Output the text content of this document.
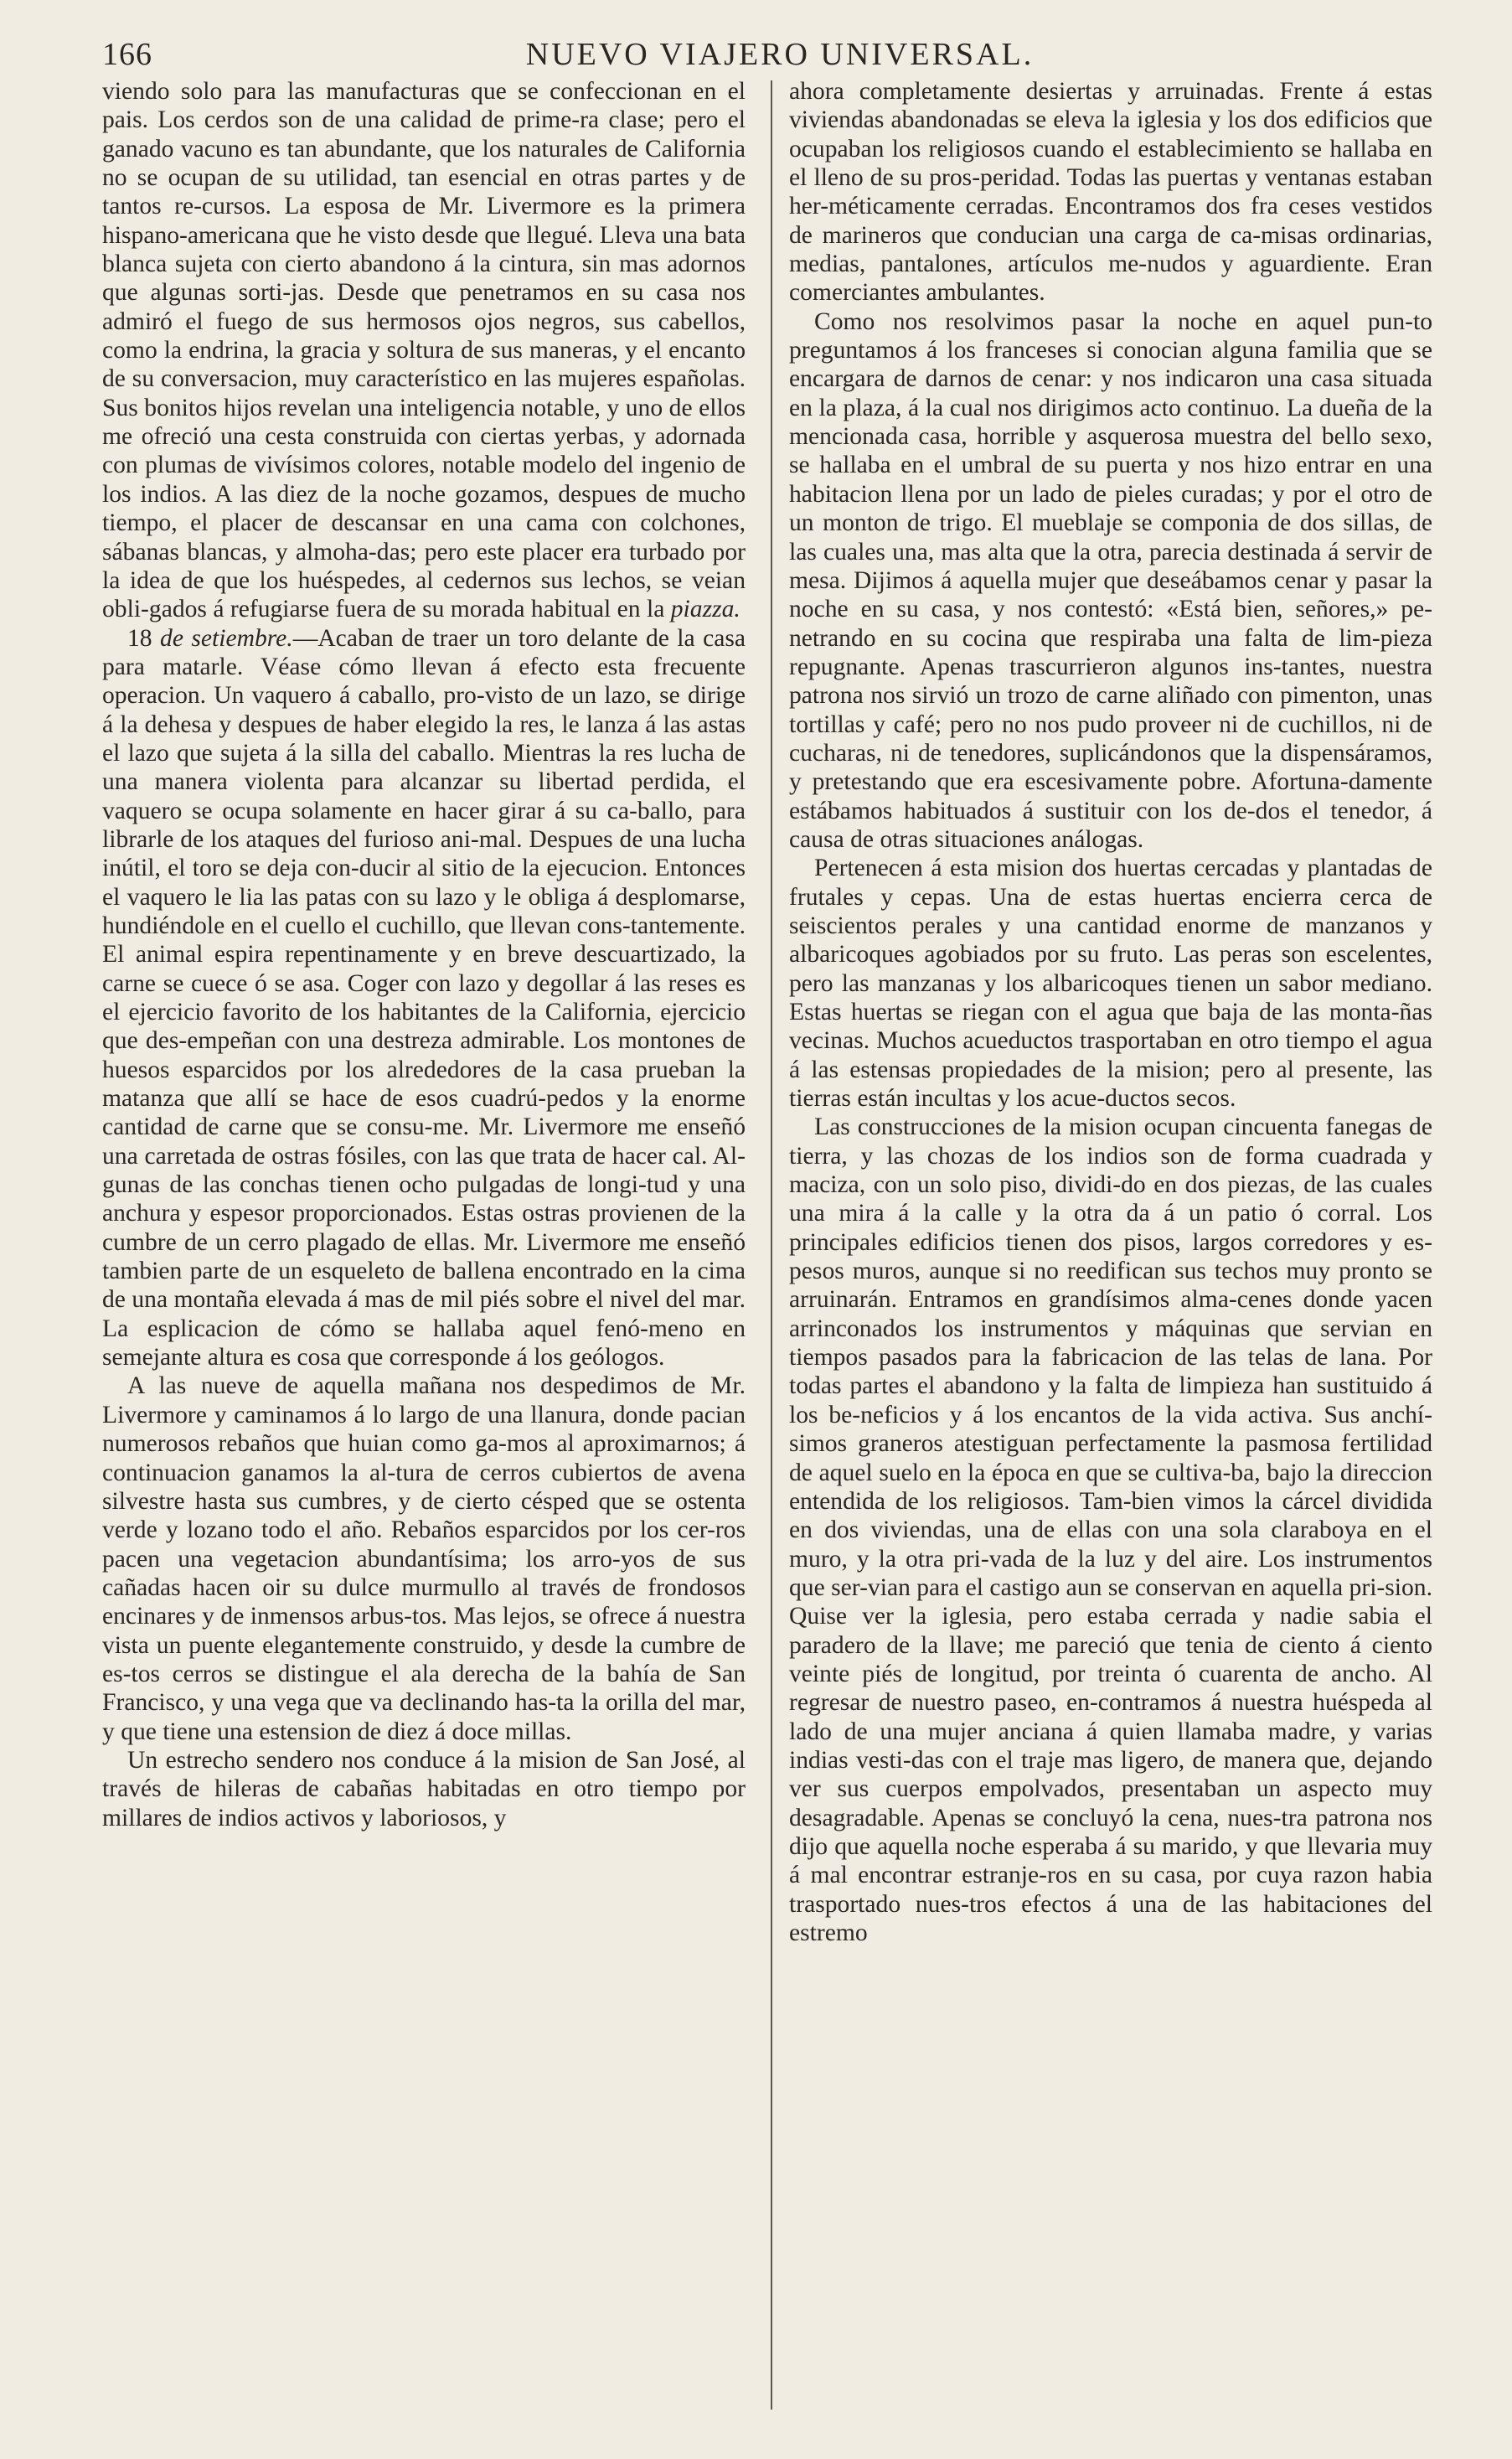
166	NUEVO VIAJERO UNIVERSAL.

viendo solo para las manufacturas que se confeccionan en el pais. Los cerdos son de una calidad de prime-ra clase; pero el ganado vacuno es tan abundante, que los naturales de California no se ocupan de su utilidad, tan esencial en otras partes y de tantos re-cursos. La esposa de Mr. Livermore es la primera hispano-americana que he visto desde que llegué. Lleva una bata blanca sujeta con cierto abandono á la cintura, sin mas adornos que algunas sorti-jas. Desde que penetramos en su casa nos admiró el fuego de sus hermosos ojos negros, sus cabellos, como la endrina, la gracia y soltura de sus maneras, y el encanto de su conversacion, muy característico en las mujeres españolas. Sus bonitos hijos revelan una inteligencia notable, y uno de ellos me ofreció una cesta construida con ciertas yerbas, y adornada con plumas de vivísimos colores, notable modelo del ingenio de los indios. A las diez de la noche gozamos, despues de mucho tiempo, el placer de descansar en una cama con colchones, sábanas blancas, y almoha-das; pero este placer era turbado por la idea de que los huéspedes, al cedernos sus lechos, se veian obli-gados á refugiarse fuera de su morada habitual en la piazza.

18 de setiembre.—Acaban de traer un toro delante de la casa para matarle. Véase cómo llevan á efecto esta frecuente operacion. Un vaquero á caballo, pro-visto de un lazo, se dirige á la dehesa y despues de haber elegido la res, le lanza á las astas el lazo que sujeta á la silla del caballo. Mientras la res lucha de una manera violenta para alcanzar su libertad perdida, el vaquero se ocupa solamente en hacer girar á su ca-ballo, para librarle de los ataques del furioso ani-mal. Despues de una lucha inútil, el toro se deja con-ducir al sitio de la ejecucion. Entonces el vaquero le lia las patas con su lazo y le obliga á desplomarse, hundiéndole en el cuello el cuchillo, que llevan cons-tantemente. El animal espira repentinamente y en breve descuartizado, la carne se cuece ó se asa. Coger con lazo y degollar á las reses es el ejercicio favorito de los habitantes de la California, ejercicio que des-empeñan con una destreza admirable. Los montones de huesos esparcidos por los alrededores de la casa prueban la matanza que allí se hace de esos cuadrú-pedos y la enorme cantidad de carne que se consu-me. Mr. Livermore me enseñó una carretada de ostras fósiles, con las que trata de hacer cal. Al-gunas de las conchas tienen ocho pulgadas de longi-tud y una anchura y espesor proporcionados. Estas ostras provienen de la cumbre de un cerro plagado de ellas. Mr. Livermore me enseñó tambien parte de un esqueleto de ballena encontrado en la cima de una montaña elevada á mas de mil piés sobre el nivel del mar. La esplicacion de cómo se hallaba aquel fenó-meno en semejante altura es cosa que corresponde á los geólogos.

A las nueve de aquella mañana nos despedimos de Mr. Livermore y caminamos á lo largo de una llanura, donde pacian numerosos rebaños que huian como ga-mos al aproximarnos; á continuacion ganamos la al-tura de cerros cubiertos de avena silvestre hasta sus cumbres, y de cierto césped que se ostenta verde y lozano todo el año. Rebaños esparcidos por los cer-ros pacen una vegetacion abundantísima; los arro-yos de sus cañadas hacen oir su dulce murmullo al través de frondosos encinares y de inmensos arbus-tos. Mas lejos, se ofrece á nuestra vista un puente elegantemente construido, y desde la cumbre de es-tos cerros se distingue el ala derecha de la bahía de San Francisco, y una vega que va declinando has-ta la orilla del mar, y que tiene una estension de diez á doce millas.

Un estrecho sendero nos conduce á la mision de San José, al través de hileras de cabañas habitadas en otro tiempo por millares de indios activos y laboriosos, y

ahora completamente desiertas y arruinadas. Frente á estas viviendas abandonadas se eleva la iglesia y los dos edificios que ocupaban los religiosos cuando el establecimiento se hallaba en el lleno de su pros-peridad. Todas las puertas y ventanas estaban her-méticamente cerradas. Encontramos dos fra ceses vestidos de marineros que conducian una carga de ca-misas ordinarias, medias, pantalones, artículos me-nudos y aguardiente. Eran comerciantes ambulantes.

Como nos resolvimos pasar la noche en aquel pun-to preguntamos á los franceses si conocian alguna familia que se encargara de darnos de cenar: y nos indicaron una casa situada en la plaza, á la cual nos dirigimos acto continuo. La dueña de la mencionada casa, horrible y asquerosa muestra del bello sexo, se hallaba en el umbral de su puerta y nos hizo entrar en una habitacion llena por un lado de pieles curadas; y por el otro de un monton de trigo. El mueblaje se componia de dos sillas, de las cuales una, mas alta que la otra, parecia destinada á servir de mesa. Dijimos á aquella mujer que deseábamos cenar y pasar la noche en su casa, y nos contestó: «Está bien, señores,» pe-netrando en su cocina que respiraba una falta de lim-pieza repugnante. Apenas trascurrieron algunos ins-tantes, nuestra patrona nos sirvió un trozo de carne aliñado con pimenton, unas tortillas y café; pero no nos pudo proveer ni de cuchillos, ni de cucharas, ni de tenedores, suplicándonos que la dispensáramos, y pretestando que era escesivamente pobre. Afortuna-damente estábamos habituados á sustituir con los de-dos el tenedor, á causa de otras situaciones análogas.

Pertenecen á esta mision dos huertas cercadas y plantadas de frutales y cepas. Una de estas huertas encierra cerca de seiscientos perales y una cantidad enorme de manzanos y albaricoques agobiados por su fruto. Las peras son escelentes, pero las manzanas y los albaricoques tienen un sabor mediano. Estas huertas se riegan con el agua que baja de las monta-ñas vecinas. Muchos acueductos trasportaban en otro tiempo el agua á las estensas propiedades de la mision; pero al presente, las tierras están incultas y los acue-ductos secos.

Las construcciones de la mision ocupan cincuenta fanegas de tierra, y las chozas de los indios son de forma cuadrada y maciza, con un solo piso, dividi-do en dos piezas, de las cuales una mira á la calle y la otra da á un patio ó corral. Los principales edificios tienen dos pisos, largos corredores y es-pesos muros, aunque si no reedifican sus techos muy pronto se arruinarán. Entramos en grandísimos alma-cenes donde yacen arrinconados los instrumentos y máquinas que servian en tiempos pasados para la fabricacion de las telas de lana. Por todas partes el abandono y la falta de limpieza han sustituido á los be-neficios y á los encantos de la vida activa. Sus anchí-simos graneros atestiguan perfectamente la pasmosa fertilidad de aquel suelo en la época en que se cultiva-ba, bajo la direccion entendida de los religiosos. Tam-bien vimos la cárcel dividida en dos viviendas, una de ellas con una sola claraboya en el muro, y la otra pri-vada de la luz y del aire. Los instrumentos que ser-vian para el castigo aun se conservan en aquella pri-sion. Quise ver la iglesia, pero estaba cerrada y nadie sabia el paradero de la llave; me pareció que tenia de ciento á ciento veinte piés de longitud, por treinta ó cuarenta de ancho. Al regresar de nuestro paseo, en-contramos á nuestra huéspeda al lado de una mujer anciana á quien llamaba madre, y varias indias vesti-das con el traje mas ligero, de manera que, dejando ver sus cuerpos empolvados, presentaban un aspecto muy desagradable. Apenas se concluyó la cena, nues-tra patrona nos dijo que aquella noche esperaba á su marido, y que llevaria muy á mal encontrar estranje-ros en su casa, por cuya razon habia trasportado nues-tros efectos á una de las habitaciones del estremo
